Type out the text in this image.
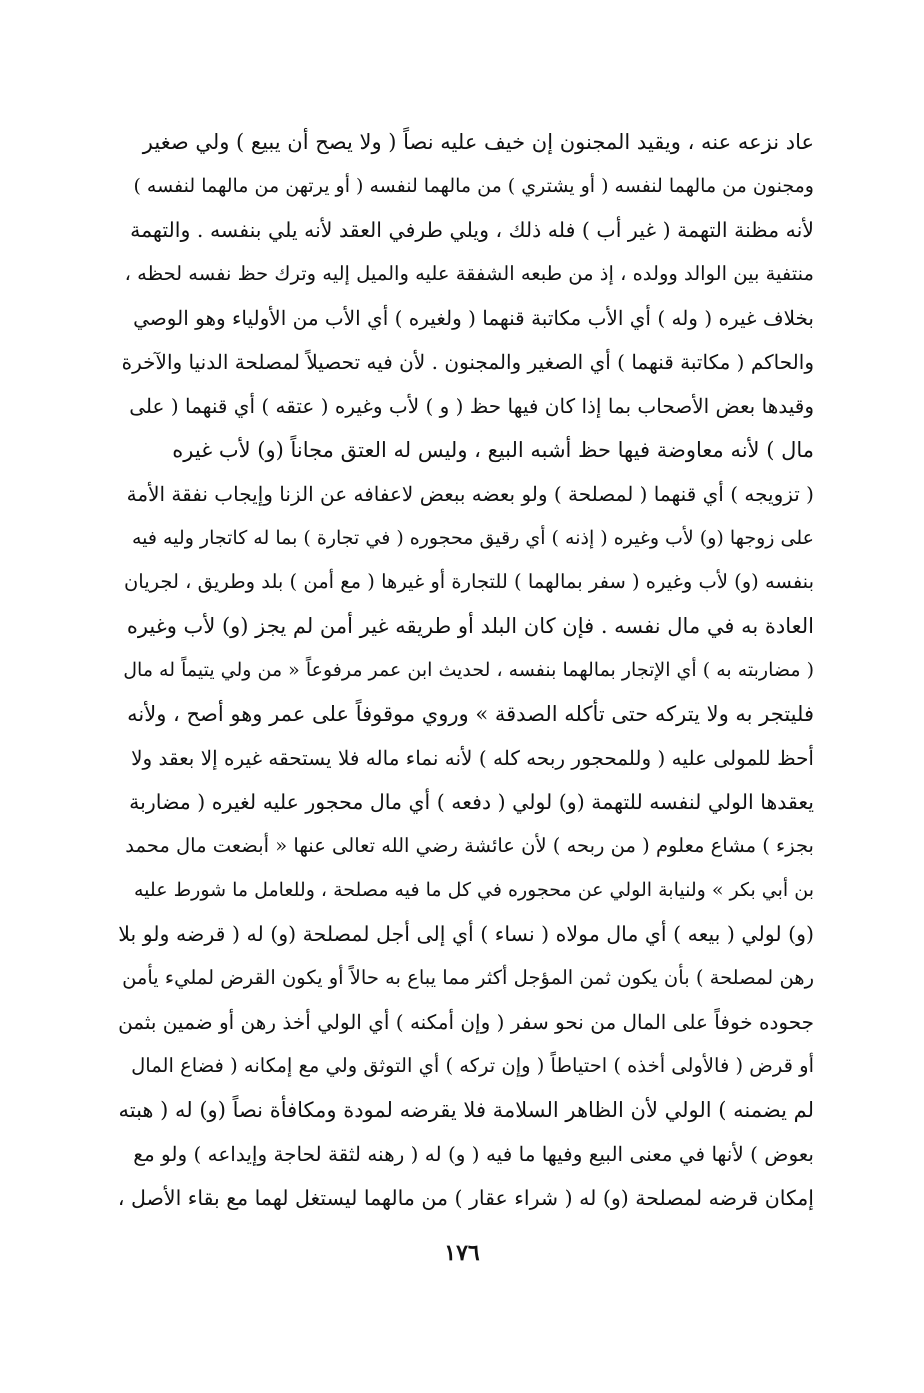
عاد نزعه عنه ، ويقيد المجنون إن خيف عليه نصاً ( ولا يصح أن يبيع ) ولي صغير
ومجنون من مالهما لنفسه ( أو يشتري ) من مالهما لنفسه ( أو يرتهن من مالهما لنفسه )
لأنه مظنة التهمة ( غير أب ) فله ذلك ، ويلي طرفي العقد لأنه يلي بنفسه . والتهمة
منتفية بين الوالد وولده ، إذ من طبعه الشفقة عليه والميل إليه وترك حظ نفسه لحظه ،
بخلاف غيره ( وله ) أي الأب مكاتبة قنهما ( ولغيره ) أي الأب من الأولياء وهو الوصي
والحاكم ( مكاتبة قنهما ) أي الصغير والمجنون . لأن فيه تحصيلاً لمصلحة الدنيا والآخرة
وقيدها بعض الأصحاب بما إذا كان فيها حظ ( و ) لأب وغيره ( عتقه ) أي قنهما ( على
مال ) لأنه معاوضة فيها حظ أشبه البيع ، وليس له العتق مجاناً (و) لأب غيره
( تزويجه ) أي قنهما ( لمصلحة ) ولو بعضه ببعض لاعفافه عن الزنا وإيجاب نفقة الأمة
على زوجها (و) لأب وغيره ( إذنه ) أي رقيق محجوره ( في تجارة ) بما له كاتجار وليه فيه
بنفسه (و) لأب وغيره ( سفر بمالهما ) للتجارة أو غيرها ( مع أمن ) بلد وطريق ، لجريان
العادة به في مال نفسه . فإن كان البلد أو طريقه غير أمن لم يجز (و) لأب وغيره
( مضاربته به ) أي الإتجار بمالهما بنفسه ، لحديث ابن عمر مرفوعاً « من ولي يتيماً له مال
فليتجر به ولا يتركه حتى تأكله الصدقة » وروي موقوفاً على عمر وهو أصح ، ولأنه
أحظ للمولى عليه ( وللمحجور ربحه كله ) لأنه نماء ماله فلا يستحقه غيره إلا بعقد ولا
يعقدها الولي لنفسه للتهمة (و) لولي ( دفعه ) أي مال محجور عليه لغيره ( مضاربة
بجزء ) مشاع معلوم ( من ربحه ) لأن عائشة رضي الله تعالى عنها « أبضعت مال محمد
بن أبي بكر » ولنيابة الولي عن محجوره في كل ما فيه مصلحة ، وللعامل ما شورط عليه
(و) لولي ( بيعه ) أي مال مولاه ( نساء ) أي إلى أجل لمصلحة (و) له ( قرضه ولو بلا
رهن لمصلحة ) بأن يكون ثمن المؤجل أكثر مما يباع به حالاً أو يكون القرض لمليء يأمن
جحوده خوفاً على المال من نحو سفر ( وإن أمكنه ) أي الولي أخذ رهن أو ضمين بثمن
أو قرض ( فالأولى أخذه ) احتياطاً ( وإن تركه ) أي التوثق ولي مع إمكانه ( فضاع المال
لم يضمنه ) الولي لأن الظاهر السلامة فلا يقرضه لمودة ومكافأة نصاً (و) له ( هبته
بعوض ) لأنها في معنى البيع وفيها ما فيه ( و) له ( رهنه لثقة لحاجة وإيداعه ) ولو مع
إمكان قرضه لمصلحة (و) له ( شراء عقار ) من مالهما ليستغل لهما مع بقاء الأصل ،
١٧٦
